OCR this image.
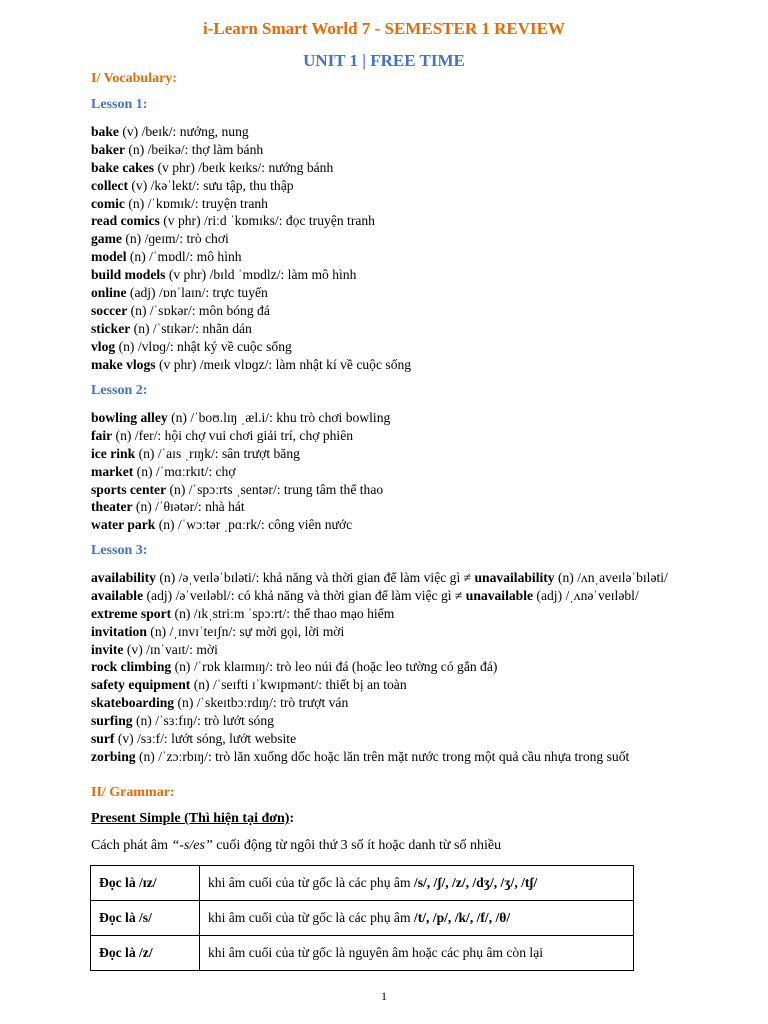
i-Learn Smart World 7 - SEMESTER 1 REVIEW
UNIT 1 | FREE TIME
I/ Vocabulary:
Lesson 1:
bake (v) /beɪk/: nướng, nung
baker (n) /beikə/: thợ làm bánh
bake cakes (v phr) /beɪk keɪks/: nướng bánh
collect (v) /kəˈlekt/: sưu tập, thu thập
comic (n) /ˈkɒmɪk/: truyện tranh
read comics (v phr) /riːd ˈkɒmɪks/: đọc truyện tranh
game (n) /ɡeɪm/: trò chơi
model (n) /ˈmɒdl/: mô hình
build models (v phr) /bɪld ˈmɒdlz/: làm mô hình
online (adj) /ɒnˈlaɪn/: trực tuyến
soccer (n) /ˈsɒkər/: môn bóng đá
sticker (n) /ˈstɪkər/: nhãn dán
vlog (n) /vlɒɡ/: nhật ký về cuộc sống
make vlogs (v phr) /meɪk vlɒɡz/: làm nhật kí về cuộc sống
Lesson 2:
bowling alley (n) /ˈboʊ.lɪŋ ˌæl.i/: khu trò chơi bowling
fair (n) /fer/: hội chợ vui chơi giải trí, chợ phiên
ice rink (n) /ˈaɪs ˌrɪŋk/: sân trượt băng
market (n) /ˈmɑːrkɪt/: chợ
sports center (n) /ˈspɔːrts ˌsentər/: trung tâm thể thao
theater (n) /ˈθɪətər/: nhà hát
water park (n) /ˈwɔːtər ˌpɑːrk/: công viên nước
Lesson 3:
availability (n) /əˌveɪləˈbɪləti/: khả năng và thời gian để làm việc gì ≠ unavailability (n) /ʌnˌaveɪləˈbɪləti/
available (adj) /əˈveɪləbl/: có khả năng và thời gian để làm việc gì ≠ unavailable (adj) /ˌʌnəˈveɪləbl/
extreme sport (n) /ɪkˌstriːm ˈspɔːrt/: thể thao mạo hiểm
invitation (n) /ˌɪnvɪˈteɪʃn/: sự mời gọi, lời mời
invite (v) /ɪnˈvaɪt/: mời
rock climbing (n) /ˈrɒk klaɪmɪŋ/: trò leo núi đá (hoặc leo tường có gắn đá)
safety equipment (n) /ˈseɪfti ɪˈkwɪpmənt/: thiết bị an toàn
skateboarding (n) /ˈskeɪtbɔːrdɪŋ/: trò trượt ván
surfing (n) /ˈsɜːfɪŋ/: trò lướt sóng
surf (v) /sɜːf/: lướt sóng, lướt website
zorbing (n) /ˈzɔːrbɪŋ/: trò lăn xuống dốc hoặc lăn trên mặt nước trong một quả cầu nhựa trong suốt
II/ Grammar:
Present Simple (Thì hiện tại đơn):
Cách phát âm “-s/es” cuối động từ ngôi thứ 3 số ít hoặc danh từ số nhiều
Đọc là /ɪz/	khi âm cuối của từ gốc là các phụ âm /s/, /ʃ/, /z/, /dʒ/, /ʒ/, /tʃ/
Đọc là /s/	khi âm cuối của từ gốc là các phụ âm /t/, /p/, /k/, /f/, /θ/
Đọc là /z/	khi âm cuối của từ gốc là nguyên âm hoặc các phụ âm còn lại
1
